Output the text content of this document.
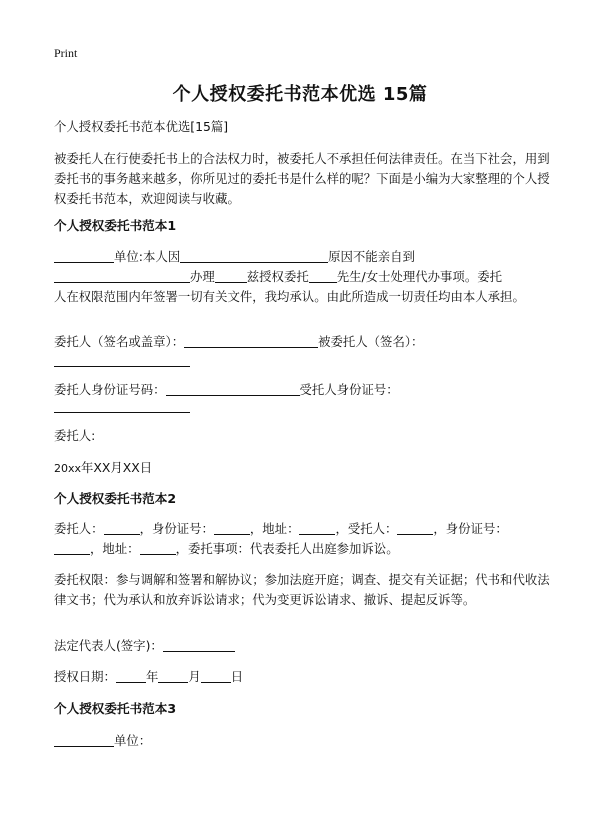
Print
个人授权委托书范本优选 15篇
个人授权委托书范本优选[15篇]
被委托人在行使委托书上的合法权力时，被委托人不承担任何法律责任。在当下社会，用到委托书的事务越来越多，你所见过的委托书是什么样的呢？下面是小编为大家整理的个人授权委托书范本，欢迎阅读与收藏。
个人授权委托书范本1
单位:本人因	原因不能亲自到
办理	兹授权委托 先生/女士处理代办事项。委托
人在权限范围内年签署一切有关文件，我均承认。由此所造成一切责任均由本人承担。
委托人（签名或盖章）：	被委托人（签名）：
委托人身份证号码：	受托人身份证号：
委托人:
20xx年XX月XX日
个人授权委托书范本2
委托人：	，身份证号：	，地址：	，受托人：	，身份证号：
，地址：	，委托事项：代表委托人出庭参加诉讼。
委托权限：参与调解和签署和解协议；参加法庭开庭；调查、提交有关证据；代书和代收法律文书；代为承认和放弃诉讼请求；代为变更诉讼请求、撤诉、提起反诉等。
法定代表人(签字)：
授权日期： 年 月 日
个人授权委托书范本3
单位：
